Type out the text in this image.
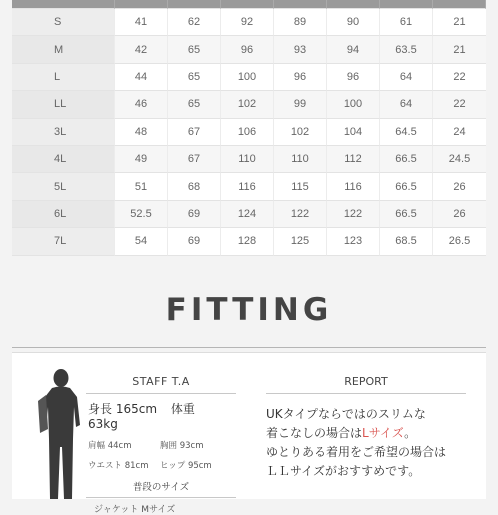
S	41	62	92	89	90	61	21
M	42	65	96	93	94	63.5	21
L	44	65	100	96	96	64	22
LL	46	65	102	99	100	64	22
3L	48	67	106	102	104	64.5	24
4L	49	67	110	110	112	66.5	24.5
5L	51	68	116	115	116	66.5	26
6L	52.5	69	124	122	122	66.5	26
7L	54	69	128	125	123	68.5	26.5
FITTING
STAFF T.A
身長 165cm 体重 63kg
肩幅 44cm	胸囲 93cm
ウエスト 81cm	ヒップ 95cm
普段のサイズ
ジャケット Mサイズ
REPORT
UKタイプならではのスリムな
着こなしの場合はLサイズ。
ゆとりある着用をご希望の場合は
ＬＬサイズがおすすめです。
